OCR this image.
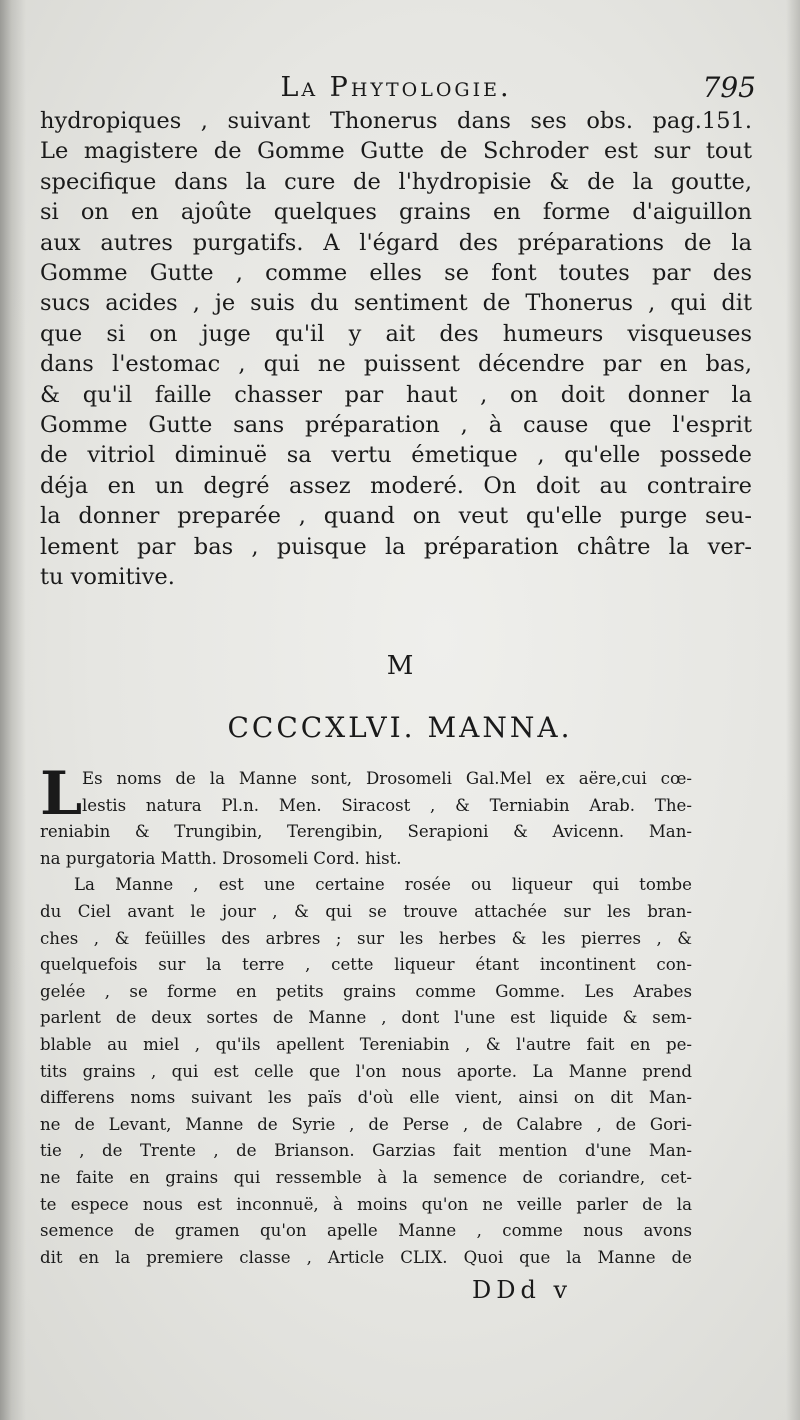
La Phytologie.	795
hydropiques , suivant Thonerus dans ses obs. pag.151.
Le magistere de Gomme Gutte de Schroder est sur tout
specifique dans la cure de l'hydropisie & de la goutte,
si on en ajoûte quelques grains en forme d'aiguillon
aux autres purgatifs. A l'égard des préparations de la
Gomme Gutte , comme elles se font toutes par des
sucs acides , je suis du sentiment de Thonerus , qui dit
que si on juge qu'il y ait des humeurs visqueuses
dans l'estomac , qui ne puissent décendre par en bas,
& qu'il faille chasser par haut , on doit donner la
Gomme Gutte sans préparation , à cause que l'esprit
de vitriol diminuë sa vertu émetique , qu'elle possede
déja en un degré assez moderé. On doit au contraire
la donner preparée , quand on veut qu'elle purge seu-
lement par bas , puisque la préparation châtre la ver-
tu vomitive.
M
CCCCXLVI. MANNA.
L Es noms de la Manne sont, Drosomeli Gal.Mel ex aëre,cui cœ-
lestis natura Pl.n. Men. Siracost , & Terniabin Arab. The-
reniabin & Trungibin, Terengibin, Serapioni & Avicenn. Man-
na purgatoria Matth. Drosomeli Cord. hist.
La Manne , est une certaine rosée ou liqueur qui tombe
du Ciel avant le jour , & qui se trouve attachée sur les bran-
ches , & feüilles des arbres ; sur les herbes & les pierres , &
quelquefois sur la terre , cette liqueur étant incontinent con-
gelée , se forme en petits grains comme Gomme. Les Arabes
parlent de deux sortes de Manne , dont l'une est liquide & sem-
blable au miel , qu'ils apellent Tereniabin , & l'autre fait en pe-
tits grains , qui est celle que l'on nous aporte. La Manne prend
differens noms suivant les païs d'où elle vient, ainsi on dit Man-
ne de Levant, Manne de Syrie , de Perse , de Calabre , de Gori-
tie , de Trente , de Brianson. Garzias fait mention d'une Man-
ne faite en grains qui ressemble à la semence de coriandre, cet-
te espece nous est inconnuë, à moins qu'on ne veille parler de la
semence de gramen qu'on apelle Manne , comme nous avons
dit en la premiere classe , Article CLIX. Quoi que la Manne de
DDd v
